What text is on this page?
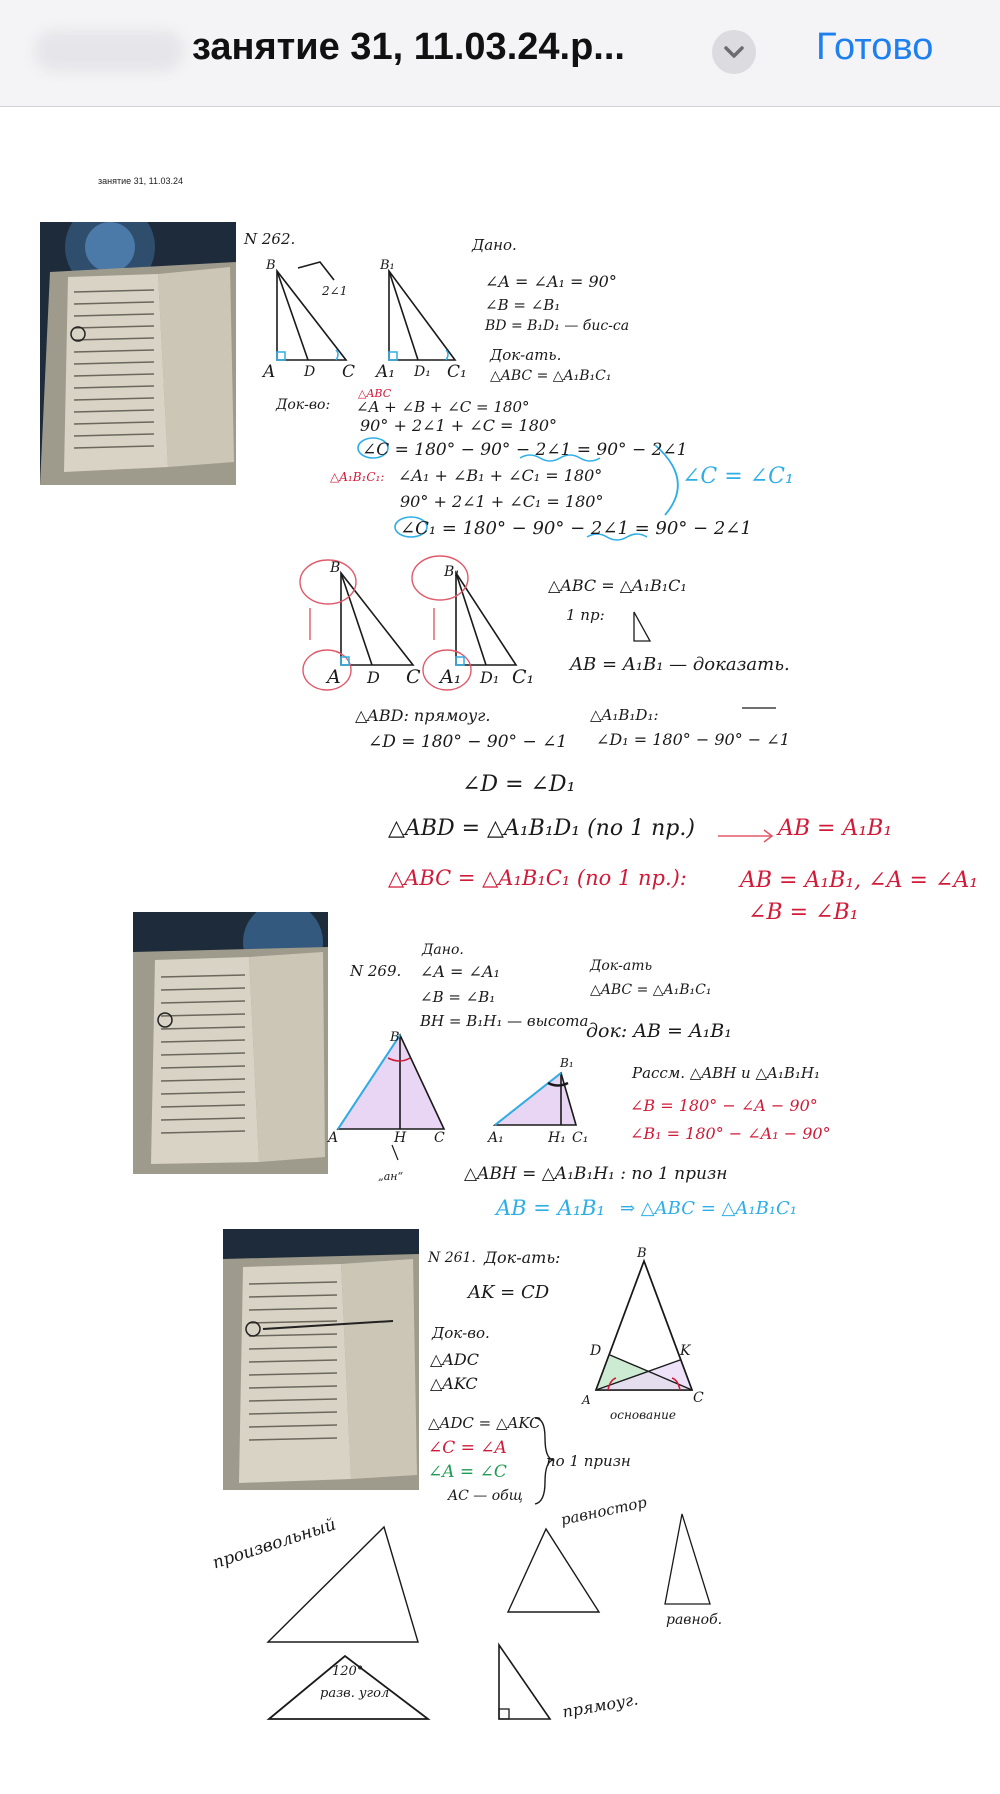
занятие 31, 11.03.24.р...	Готово
занятие 31, 11.03.24
N 262.
2∠1
B
A D C
B₁
A₁ D₁ C₁
Дано.
∠A = ∠A₁ = 90°
∠B = ∠B₁
BD = B₁D₁ — бис-са
Док-ать.
△ABC = △A₁B₁C₁
Док-во:
△ABC
∠A + ∠B + ∠C = 180°
90° + 2∠1 + ∠C = 180°
∠C = 180° − 90° − 2∠1 = 90° − 2∠1
△A₁B₁C₁: ∠A₁ + ∠B₁ + ∠C₁ = 180°
90° + 2∠1 + ∠C₁ = 180°
∠C₁ = 180° − 90° − 2∠1 = 90° − 2∠1
∠C = ∠C₁
△ABC = △A₁B₁C₁
1 пр:
AB = A₁B₁ — доказать.
B
A D C
B₁
A₁ D₁ C₁
△ABD: прямоуг.
∠D = 180° − 90° − ∠1
△A₁B₁D₁:
∠D₁ = 180° − 90° − ∠1
∠D = ∠D₁
△ABD = △A₁B₁D₁ (по 1 пр.)	AB = A₁B₁
△ABC = △A₁B₁C₁ (по 1 пр.): AB = A₁B₁, ∠A = ∠A₁
∠B = ∠B₁
N 269.
Дано.
∠A = ∠A₁
∠B = ∠B₁
BH = B₁H₁ — высота
Док-ать
△ABC = △A₁B₁C₁
док: AB = A₁B₁
Рассм. △ABH и △A₁B₁H₁
∠B = 180° − ∠A − 90°
∠B₁ = 180° − ∠A₁ − 90°
△ABH = △A₁B₁H₁ : по 1 призн
AB = A₁B₁ ⇒ △ABC = △A₁B₁C₁
B
A	H C
B₁
A₁	H₁ C₁
„ан“
N 261. Док-ать:
AK = CD
Док-во.
△ADC
△AKC
△ADC = △AKC
∠C = ∠A
∠A = ∠C
AC — общ
по 1 призн
B
D	K
A	C
основание
произвольный
равностор
равноб.
120°
разв. угол	прямоуг.
